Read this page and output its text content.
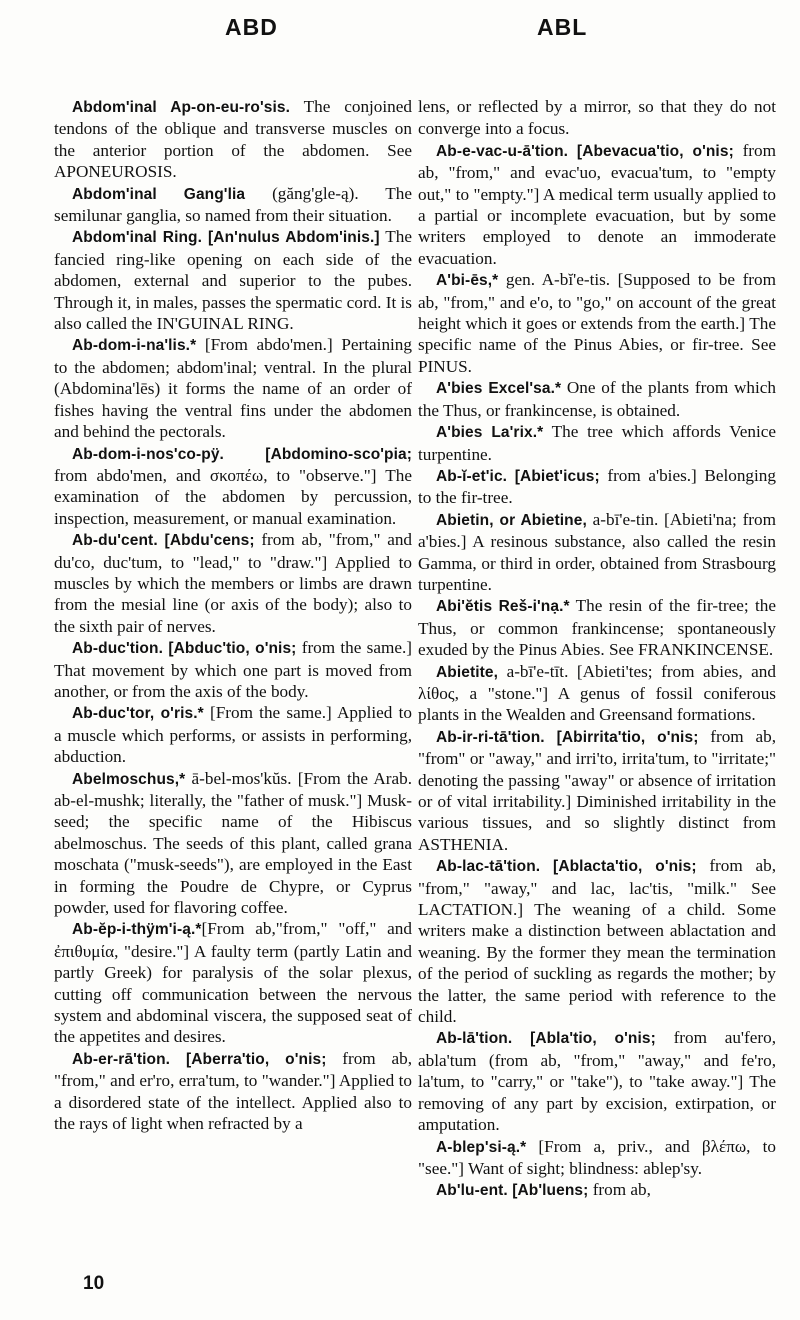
ABD	ABL

Abdom'inal Ap-on-eu-ro'sis. The conjoined tendons of the oblique and transverse muscles on the anterior portion of the abdomen. See APONEUROSIS.

Abdom'inal Gang'lia (găng'gle-ą). The semilunar ganglia, so named from their situation.

Abdom'inal Ring. [An'nulus Abdom'inis.] The fancied ring-like opening on each side of the abdomen, external and superior to the pubes. Through it, in males, passes the spermatic cord. It is also called the IN'GUINAL RING.

Ab-dom-i-na'lis.* [From abdo'men.] Pertaining to the abdomen; abdom'inal; ventral. In the plural (Abdomina'lēs) it forms the name of an order of fishes having the ventral fins under the abdomen and behind the pectorals.

Ab-dom-i-nos'co-pÿ. [Abdomino-sco'pia; from abdo'men, and σκοπέω, to "observe."] The examination of the abdomen by percussion, inspection, measurement, or manual examination.

Ab-du'cent. [Abdu'cens; from ab, "from," and du'co, duc'tum, to "lead," to "draw."] Applied to muscles by which the members or limbs are drawn from the mesial line (or axis of the body); also to the sixth pair of nerves.

Ab-duc'tion. [Abduc'tio, o'nis; from the same.] That movement by which one part is moved from another, or from the axis of the body.

Ab-duc'tor, o'ris.* [From the same.] Applied to a muscle which performs, or assists in performing, abduction.

Abelmoschus,* ā-bel-mos'kŭs. [From the Arab. ab-el-mushk; literally, the "father of musk."] Musk-seed; the specific name of the Hibiscus abelmoschus. The seeds of this plant, called grana moschata ("musk-seeds"), are employed in the East in forming the Poudre de Chypre, or Cyprus powder, used for flavoring coffee.

Ab-ĕp-i-thÿm'i-ą.*[From ab,"from," "off," and ἐπιθυμία, "desire."] A faulty term (partly Latin and partly Greek) for paralysis of the solar plexus, cutting off communication between the nervous system and abdominal viscera, the supposed seat of the appetites and desires.

Ab-er-rā'tion. [Aberra'tio, o'nis; from ab, "from," and er'ro, erra'tum, to "wander."] Applied to a disordered state of the intellect. Applied also to the rays of light when refracted by a

lens, or reflected by a mirror, so that they do not converge into a focus.

Ab-e-vac-u-ā'tion. [Abevacua'tio, o'nis; from ab, "from," and evac'uo, evacua'tum, to "empty out," to "empty."] A medical term usually applied to a partial or incomplete evacuation, but by some writers employed to denote an immoderate evacuation.

A'bi-ēs,* gen. A-bĭ'e-tis. [Supposed to be from ab, "from," and e'o, to "go," on account of the great height which it goes or extends from the earth.] The specific name of the Pinus Abies, or fir-tree. See PINUS.

A'bies Excel'sa.* One of the plants from which the Thus, or frankincense, is obtained.

A'bies La'rix.* The tree which affords Venice turpentine.

Ab-ĭ-et'ic. [Abiet'icus; from a'bies.] Belonging to the fir-tree.

Abietin, or Abietine, a-bī'e-tin. [Abieti'na; from a'bies.] A resinous substance, also called the resin Gamma, or third in order, obtained from Strasbourg turpentine.

Abi'ĕtis Reš-i'nạ.* The resin of the fir-tree; the Thus, or common frankincense; spontaneously exuded by the Pinus Abies. See FRANKINCENSE.

Abietite, a-bī'e-tīt. [Abieti'tes; from abies, and λίθος, a "stone."] A genus of fossil coniferous plants in the Wealden and Greensand formations.

Ab-ir-ri-tā'tion. [Abirrita'tio, o'nis; from ab, "from" or "away," and irri'to, irrita'tum, to "irritate;" denoting the passing "away" or absence of irritation or of vital irritability.] Diminished irritability in the various tissues, and so slightly distinct from ASTHENIA.

Ab-lac-tā'tion. [Ablacta'tio, o'nis; from ab, "from," "away," and lac, lac'tis, "milk." See LACTATION.] The weaning of a child. Some writers make a distinction between ablactation and weaning. By the former they mean the termination of the period of suckling as regards the mother; by the latter, the same period with reference to the child.

Ab-lā'tion. [Abla'tio, o'nis; from au'fero, abla'tum (from ab, "from," "away," and fe'ro, la'tum, to "carry," or "take"), to "take away."] The removing of any part by excision, extirpation, or amputation.

A-blep'si-ą.* [From a, priv., and βλέπω, to "see."] Want of sight; blindness: ablep'sy.

Ab'lu-ent. [Ab'luens; from ab,

10
